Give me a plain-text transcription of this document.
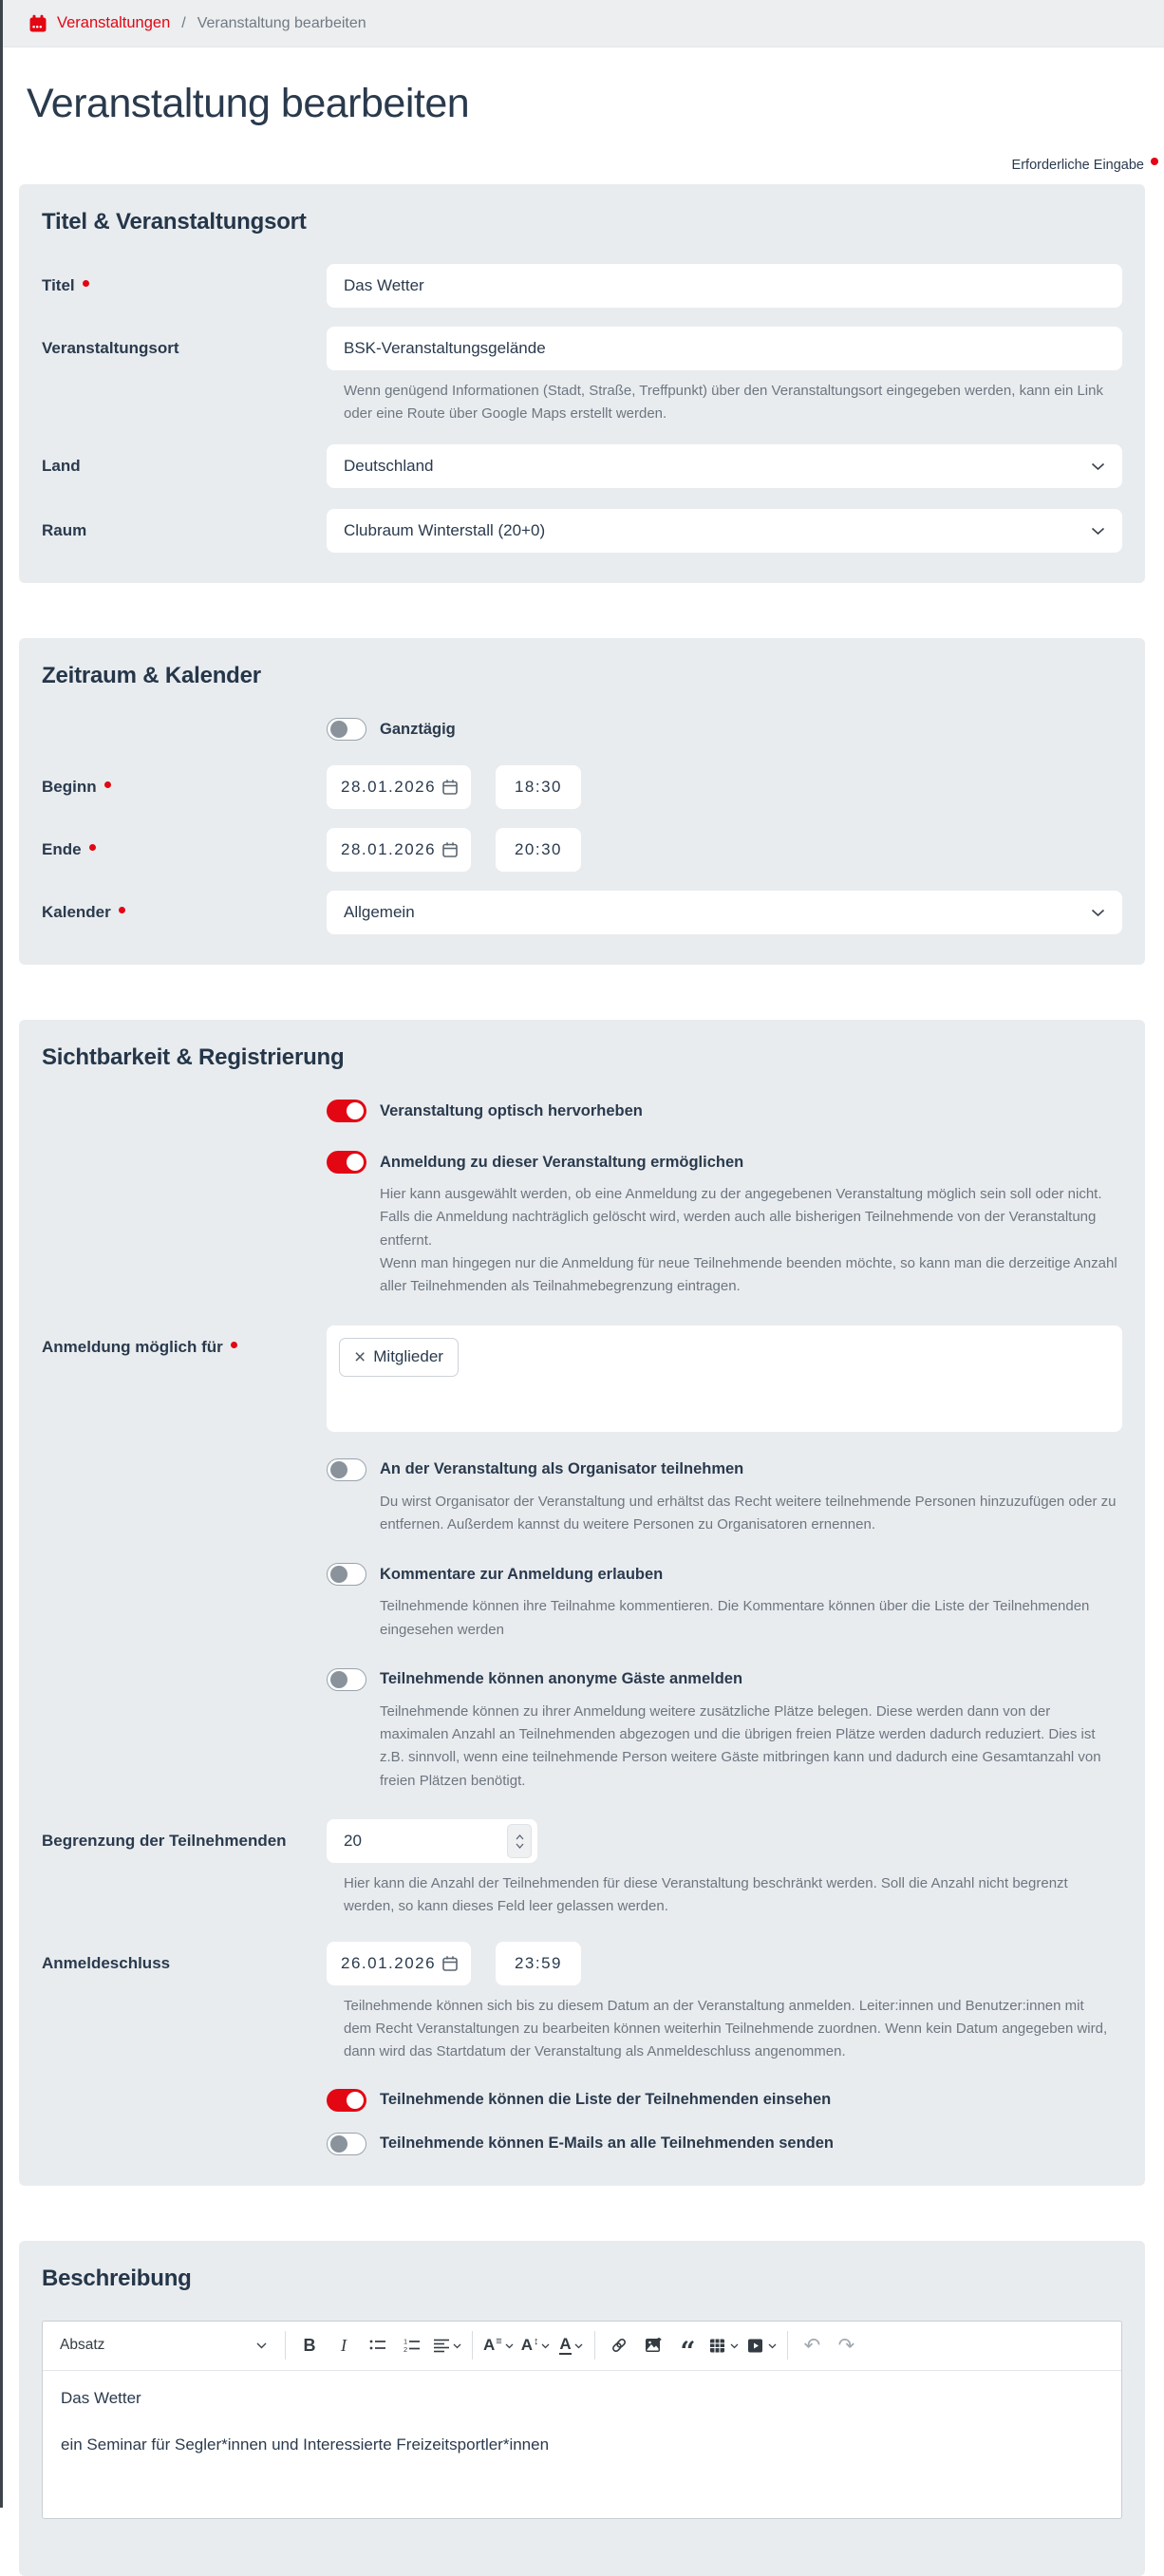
Veranstaltungen / Veranstaltung bearbeiten
Veranstaltung bearbeiten
Erforderliche Eingabe
Titel & Veranstaltungsort
Titel	Das Wetter
Veranstaltungsort	BSK-Veranstaltungsgelände
Wenn genügend Informationen (Stadt, Straße, Treffpunkt) über den Veranstaltungsort eingegeben werden, kann ein Link oder eine Route über Google Maps erstellt werden.
Land	Deutschland
Raum	Clubraum Winterstall (20+0)
Zeitraum & Kalender
Ganztägig
Beginn	28.01.2026	18:30
Ende	28.01.2026	20:30
Kalender	Allgemein
Sichtbarkeit & Registrierung
Veranstaltung optisch hervorheben
Anmeldung zu dieser Veranstaltung ermöglichen
Hier kann ausgewählt werden, ob eine Anmeldung zu der angegebenen Veranstaltung möglich sein soll oder nicht.
Falls die Anmeldung nachträglich gelöscht wird, werden auch alle bisherigen Teilnehmende von der Veranstaltung entfernt.
Wenn man hingegen nur die Anmeldung für neue Teilnehmende beenden möchte, so kann man die derzeitige Anzahl aller Teilnehmenden als Teilnahmebegrenzung eintragen.
Anmeldung möglich für	× Mitglieder
An der Veranstaltung als Organisator teilnehmen
Du wirst Organisator der Veranstaltung und erhältst das Recht weitere teilnehmende Personen hinzuzufügen oder zu entfernen. Außerdem kannst du weitere Personen zu Organisatoren ernennen.
Kommentare zur Anmeldung erlauben
Teilnehmende können ihre Teilnahme kommentieren. Die Kommentare können über die Liste der Teilnehmenden eingesehen werden
Teilnehmende können anonyme Gäste anmelden
Teilnehmende können zu ihrer Anmeldung weitere zusätzliche Plätze belegen. Diese werden dann von der maximalen Anzahl an Teilnehmenden abgezogen und die übrigen freien Plätze werden dadurch reduziert. Dies ist z.B. sinnvoll, wenn eine teilnehmende Person weitere Gäste mitbringen kann und dadurch eine Gesamtanzahl von freien Plätzen benötigt.
Begrenzung der Teilnehmenden	20
Hier kann die Anzahl der Teilnehmenden für diese Veranstaltung beschränkt werden. Soll die Anzahl nicht begrenzt werden, so kann dieses Feld leer gelassen werden.
Anmeldeschluss	26.01.2026	23:59
Teilnehmende können sich bis zu diesem Datum an der Veranstaltung anmelden. Leiter:innen und Benutzer:innen mit dem Recht Veranstaltungen zu bearbeiten können weiterhin Teilnehmende zuordnen. Wenn kein Datum angegeben wird, dann wird das Startdatum der Veranstaltung als Anmeldeschluss angenommen.
Teilnehmende können die Liste der Teilnehmenden einsehen
Teilnehmende können E-Mails an alle Teilnehmenden senden
Beschreibung
Absatz	B	I	1
2	A ≡ A ↕ A	“	↶ ↷

Das Wetter

ein Seminar für Segler*innen und Interessierte Freizeitsportler*innen
